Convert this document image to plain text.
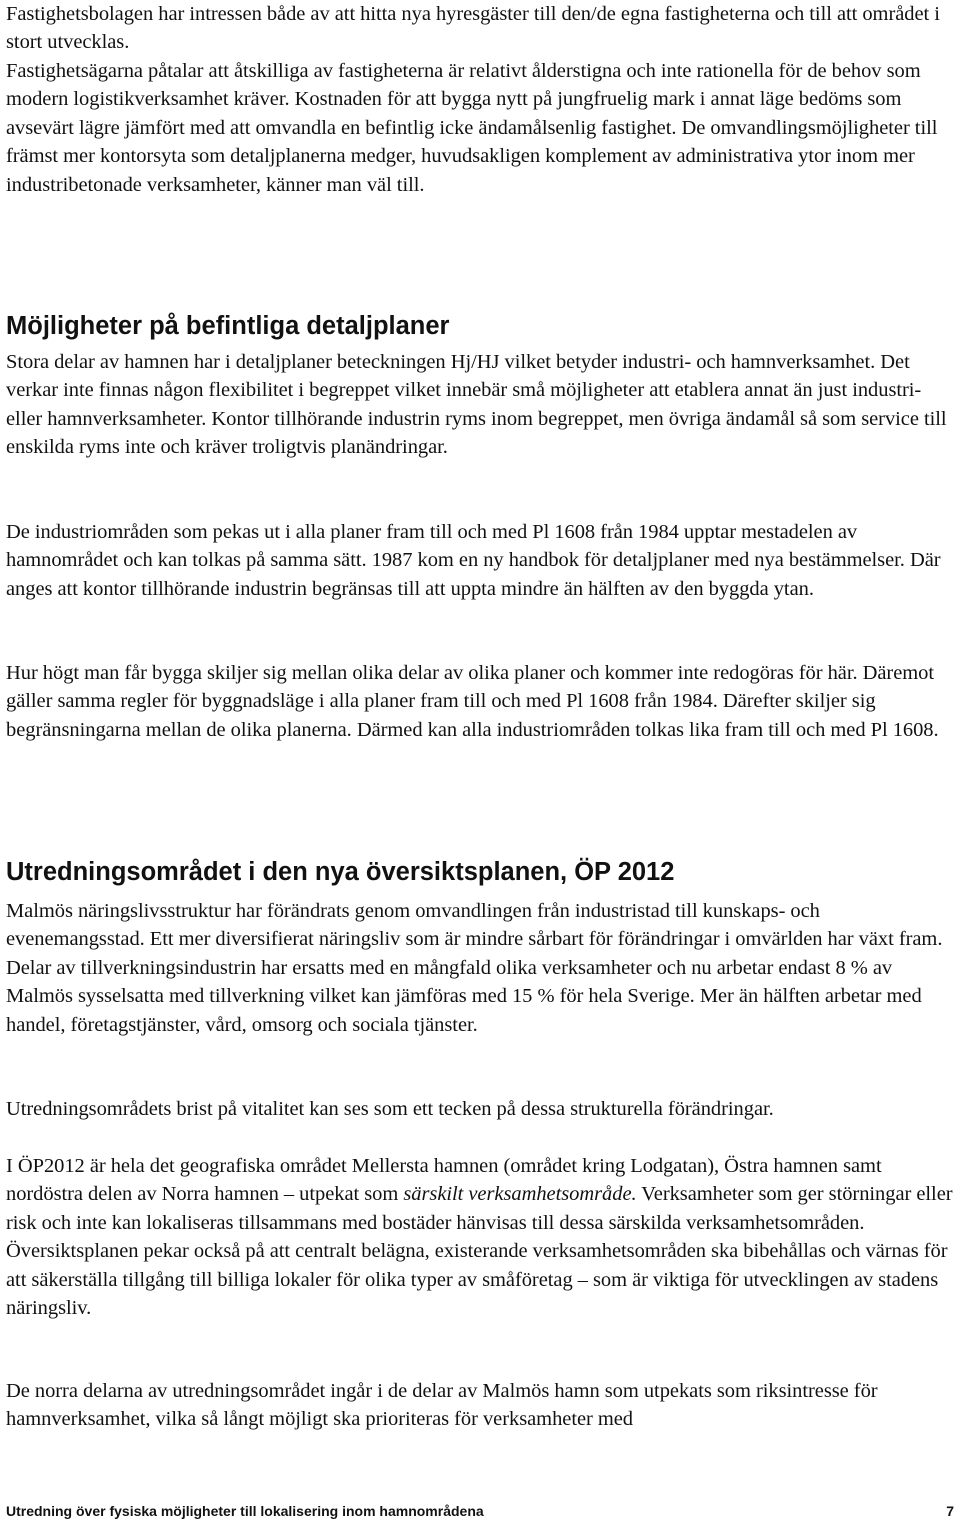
Fastighetsbolagen har intressen både av att hitta nya hyresgäster till den/de egna fastigheterna och till att området i stort utvecklas.

Fastighetsägarna påtalar att åtskilliga av fastigheterna är relativt ålderstigna och inte rationella för de behov som modern logistikverksamhet kräver. Kostnaden för att bygga nytt på jungfruelig mark i annat läge bedöms som avsevärt lägre jämfört med att omvandla en befintlig icke ändamålsenlig fastighet. De omvandlingsmöjligheter till främst mer kontorsyta som detaljplanerna medger, huvudsakligen komplement av administrativa ytor inom mer industribetonade verksamheter, känner man väl till.

Möjligheter på befintliga detaljplaner

Stora delar av hamnen har i detaljplaner beteckningen Hj/HJ vilket betyder industri- och hamnverksamhet. Det verkar inte finnas någon flexibilitet i begreppet vilket innebär små möjligheter att etablera annat än just industri- eller hamnverksamheter. Kontor tillhörande industrin ryms inom begreppet, men övriga ändamål så som service till enskilda ryms inte och kräver troligtvis planändringar.

De industriområden som pekas ut i alla planer fram till och med Pl 1608 från 1984 upptar mestadelen av hamnområdet och kan tolkas på samma sätt. 1987 kom en ny handbok för detaljplaner med nya bestämmelser. Där anges att kontor tillhörande industrin begränsas till att uppta mindre än hälften av den byggda ytan.

Hur högt man får bygga skiljer sig mellan olika delar av olika planer och kommer inte redogöras för här. Däremot gäller samma regler för byggnadsläge i alla planer fram till och med Pl 1608 från 1984. Därefter skiljer sig begränsningarna mellan de olika planerna. Därmed kan alla industriområden tolkas lika fram till och med Pl 1608.

Utredningsområdet i den nya översiktsplanen, ÖP 2012

Malmös näringslivsstruktur har förändrats genom omvandlingen från industristad till kunskaps- och evenemangsstad. Ett mer diversifierat näringsliv som är mindre sårbart för förändringar i omvärlden har växt fram. Delar av tillverkningsindustrin har ersatts med en mångfald olika verksamheter och nu arbetar endast 8 % av Malmös sysselsatta med tillverkning vilket kan jämföras med 15 % för hela Sverige. Mer än hälften arbetar med handel, företagstjänster, vård, omsorg och sociala tjänster.

Utredningsområdets brist på vitalitet kan ses som ett tecken på dessa strukturella förändringar.

I ÖP2012 är hela det geografiska området Mellersta hamnen (området kring Lodgatan), Östra hamnen samt nordöstra delen av Norra hamnen – utpekat som särskilt verksamhetsområde. Verksamheter som ger störningar eller risk och inte kan lokaliseras tillsammans med bostäder hänvisas till dessa särskilda verksamhetsområden. Översiktsplanen pekar också på att centralt belägna, existerande verksamhetsområden ska bibehållas och värnas för att säkerställa tillgång till billiga lokaler för olika typer av småföretag – som är viktiga för utvecklingen av stadens näringsliv.

De norra delarna av utredningsområdet ingår i de delar av Malmös hamn som utpekats som riksintresse för hamnverksamhet, vilka så långt möjligt ska prioriteras för verksamheter med

Utredning över fysiska möjligheter till lokalisering inom hamnområdena	7
